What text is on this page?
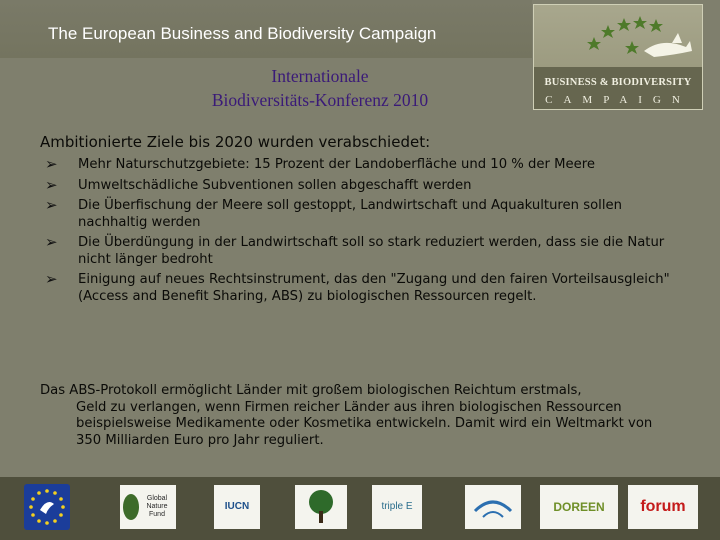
The European Business and Biodiversity Campaign
BUSINESS & BIODIVERSITY
CAMPAIGN
Internationale
Biodiversitäts-Konferenz 2010
Ambitionierte Ziele bis 2020 wurden verabschiedet:
➢ Mehr Naturschutzgebiete: 15 Prozent der Landoberfläche und 10 % der Meere
➢ Umweltschädliche Subventionen sollen abgeschafft werden
➢ Die Überfischung der Meere soll gestoppt, Landwirtschaft und Aquakulturen sollen nachhaltig werden
➢ Die Überdüngung in der Landwirtschaft soll so stark reduziert werden, dass sie die Natur nicht länger bedroht
➢ Einigung auf neues Rechtsinstrument, das den "Zugang und den fairen Vorteilsausgleich" (Access and Benefit Sharing, ABS) zu biologischen Ressourcen regelt.
Das ABS-Protokoll ermöglicht Länder mit großem biologischen Reichtum erstmals,
Geld zu verlangen, wenn Firmen reicher Länder aus ihren biologischen Ressourcen beispielsweise Medikamente oder Kosmetika entwickeln. Damit wird ein Weltmarkt von 350 Milliarden Euro pro Jahr reguliert.
Global Nature Fund
IUCN	triple E	DOREEN forum
